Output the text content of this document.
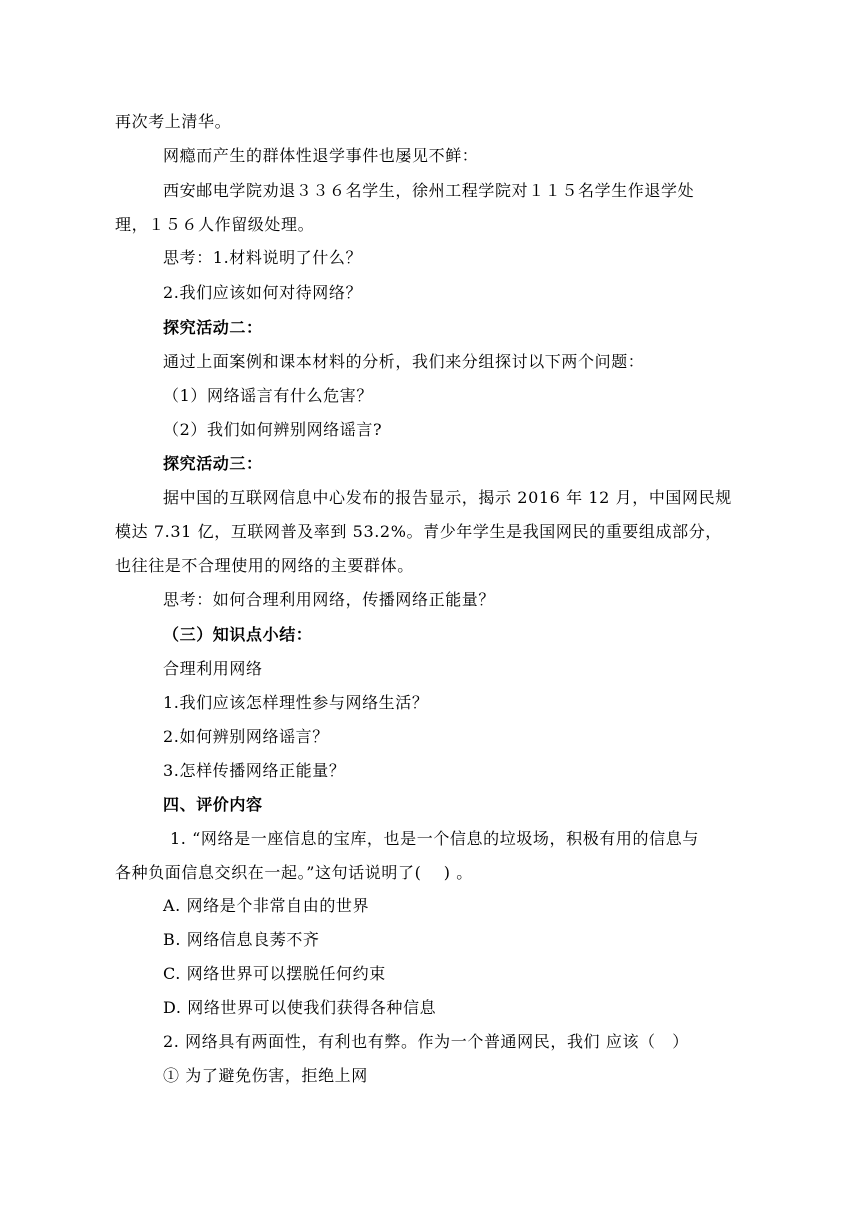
再次考上清华。
网瘾而产生的群体性退学事件也屡见不鲜：
西安邮电学院劝退３３６名学生，徐州工程学院对１１５名学生作退学处
理，１５６人作留级处理。
思考：1.材料说明了什么？
2.我们应该如何对待网络？
探究活动二：
通过上面案例和课本材料的分析，我们来分组探讨以下两个问题：
（1）网络谣言有什么危害？
（2）我们如何辨别网络谣言?
探究活动三：
据中国的互联网信息中心发布的报告显示，揭示 2016 年 12 月，中国网民规
模达 7.31 亿，互联网普及率到 53.2%。青少年学生是我国网民的重要组成部分，
也往往是不合理使用的网络的主要群体。
思考：如何合理利用网络，传播网络正能量？
（三）知识点小结：
合理利用网络
1.我们应该怎样理性参与网络生活？
2.如何辨别网络谣言？
3.怎样传播网络正能量？
四、评价内容
1. “网络是一座信息的宝库，也是一个信息的垃圾场，积极有用的信息与
各种负面信息交织在一起。”这句话说明了(　 ) 。
A. 网络是个非常自由的世界
B. 网络信息良莠不齐
C. 网络世界可以摆脱任何约束
D. 网络世界可以使我们获得各种信息
2. 网络具有两面性，有利也有弊。作为一个普通网民，我们 应该（　）
① 为了避免伤害，拒绝上网
